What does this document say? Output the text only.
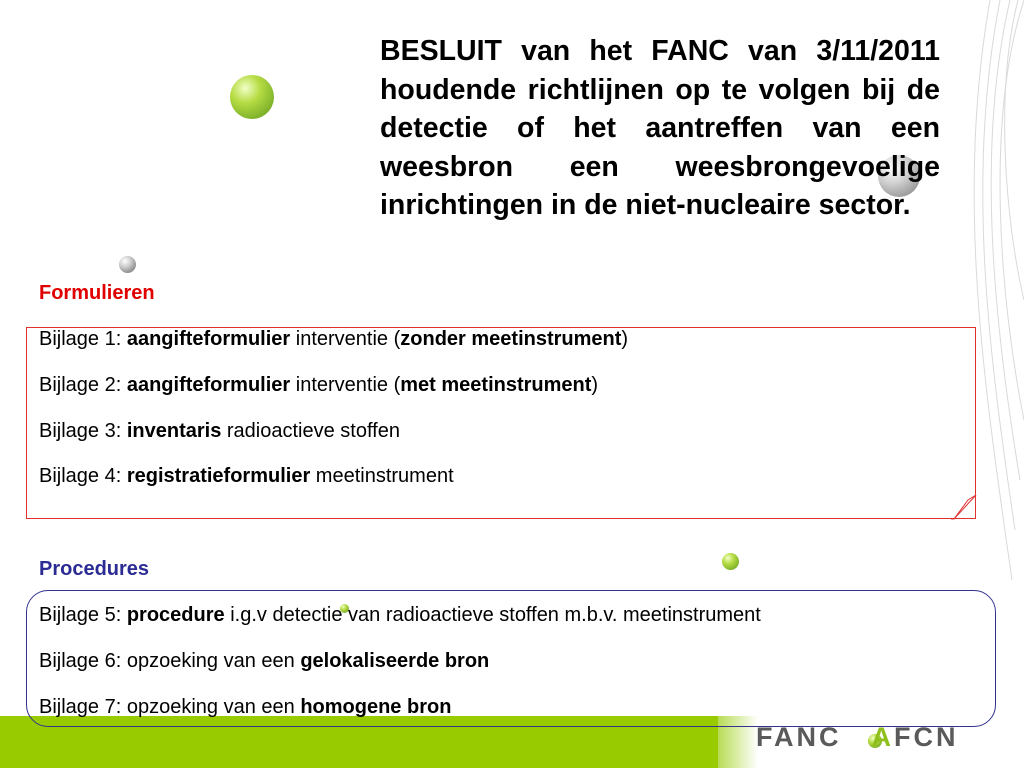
BESLUIT van het FANC van 3/11/2011 houdende richtlijnen op te volgen bij de detectie of het aantreffen van een weesbron een weesbrongevoelige inrichtingen in de niet-nucleaire sector.
Formulieren
Bijlage 1: aangifteformulier interventie (zonder meetinstrument)
Bijlage 2: aangifteformulier interventie (met meetinstrument)
Bijlage 3: inventaris radioactieve stoffen
Bijlage 4: registratieformulier meetinstrument
Procedures
Bijlage 5: procedure i.g.v detectie van radioactieve stoffen m.b.v. meetinstrument
Bijlage 6: opzoeking van een gelokaliseerde bron
Bijlage 7: opzoeking van een homogene bron
FANC AFCN
